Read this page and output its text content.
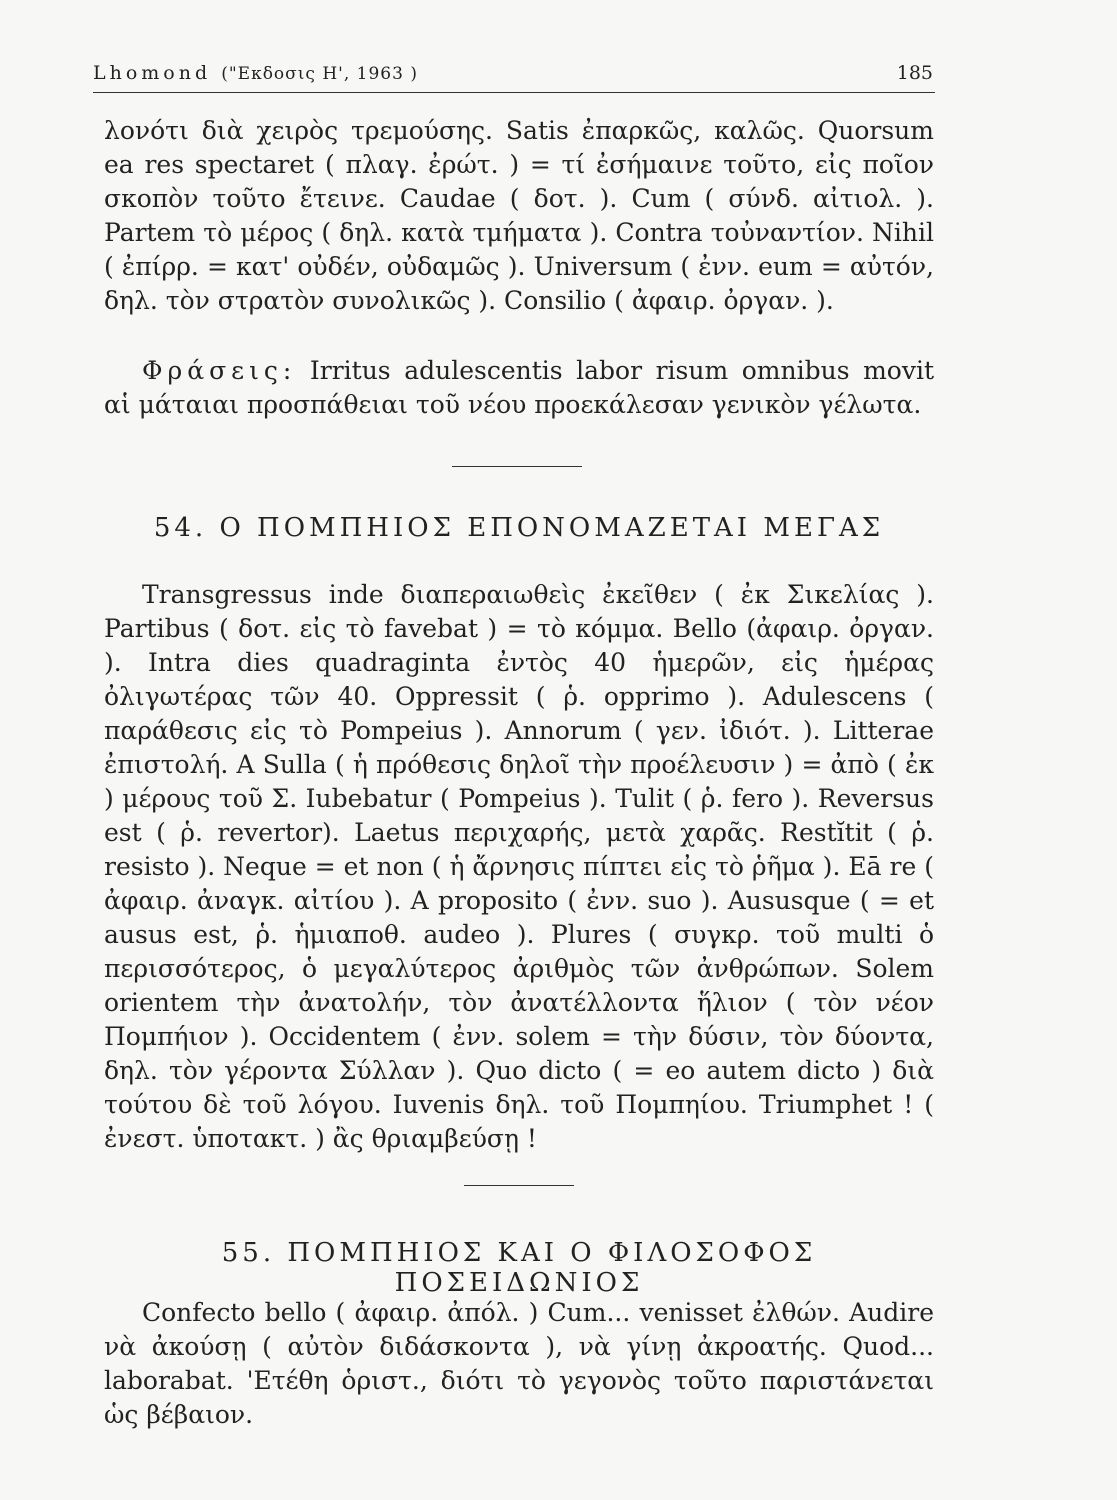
Lhomond ("Εκδοσις Η', 1963 )	185

λονότι διὰ χειρὸς τρεμούσης. Satis ἐπαρκῶς, καλῶς. Quorsum ea res spectaret ( πλαγ. ἐρώτ. ) = τί ἐσήμαινε τοῦτο, εἰς ποῖον σκοπὸν τοῦτο ἔτεινε. Caudae ( δοτ. ). Cum ( σύνδ. αἰτιολ. ). Partem τὸ μέρος ( δηλ. κατὰ τμήματα ). Contra τοὐναντίον. Nihil ( ἐπίρρ. = κατ' οὐδέν, οὐδαμῶς ). Universum ( ἐνν. eum = αὐτόν, δηλ. τὸν στρατὸν συνολικῶς ). Consilio ( ἀφαιρ. ὀργαν. ).

Φράσεις: Irritus adulescentis labor risum omnibus movit αἱ μάταιαι προσπάθειαι τοῦ νέου προεκάλεσαν γενικὸν γέλωτα.

54. Ο ΠΟΜΠΗΙΟΣ ΕΠΟΝΟΜΑΖΕΤΑΙ ΜΕΓΑΣ

Transgressus inde διαπεραιωθεὶς ἐκεῖθεν ( ἐκ Σικελίας ). Partibus ( δοτ. εἰς τὸ favebat ) = τὸ κόμμα. Bello (ἀφαιρ. ὀργαν. ). Intra dies quadraginta ἐντὸς 40 ἡμερῶν, εἰς ἡμέρας ὀλιγωτέρας τῶν 40. Oppressit ( ῥ. opprimo ). Adulescens ( παράθεσις εἰς τὸ Pompeius ). Annorum ( γεν. ἰδιότ. ). Litterae ἐπιστολή. A Sulla ( ἡ πρόθεσις δηλοῖ τὴν προέλευσιν ) = ἀπὸ ( ἐκ ) μέρους τοῦ Σ. Iubebatur ( Pompeius ). Tulit ( ῥ. fero ). Reversus est ( ῥ. revertor). Laetus περιχαρής, μετὰ χαρᾶς. Restĭtit ( ῥ. resisto ). Neque = et non ( ἡ ἄρνησις πίπτει εἰς τὸ ῥῆμα ). Eā re ( ἀφαιρ. ἀναγκ. αἰτίου ). A proposito ( ἐνν. suo ). Aususque ( = et ausus est, ῥ. ἡμιαποθ. audeo ). Plures ( συγκρ. τοῦ multi ὁ περισσότερος, ὁ μεγαλύτερος ἀριθμὸς τῶν ἀνθρώπων. Solem orientem τὴν ἀνατολήν, τὸν ἀνατέλλοντα ἥλιον ( τὸν νέον Πομπήιον ). Occidentem ( ἐνν. solem = τὴν δύσιν, τὸν δύοντα, δηλ. τὸν γέροντα Σύλλαν ). Quo dicto ( = eo autem dicto ) διὰ τούτου δὲ τοῦ λόγου. Iuvenis δηλ. τοῦ Πομπηίου. Triumphet ! ( ἐνεστ. ὑποτακτ. ) ἂς θριαμβεύσῃ !

55. ΠΟΜΠΗΙΟΣ ΚΑΙ Ο ΦΙΛΟΣΟΦΟΣ ΠΟΣΕΙΔΩΝΙΟΣ

Confecto bello ( ἀφαιρ. ἀπόλ. ) Cum... venisset ἐλθών. Audire νὰ ἀκούσῃ ( αὐτὸν διδάσκοντα ), νὰ γίνῃ ἀκροατής. Quod... laborabat. 'Ετέθη ὁριστ., διότι τὸ γεγονὸς τοῦτο παριστάνεται ὡς βέβαιον.
